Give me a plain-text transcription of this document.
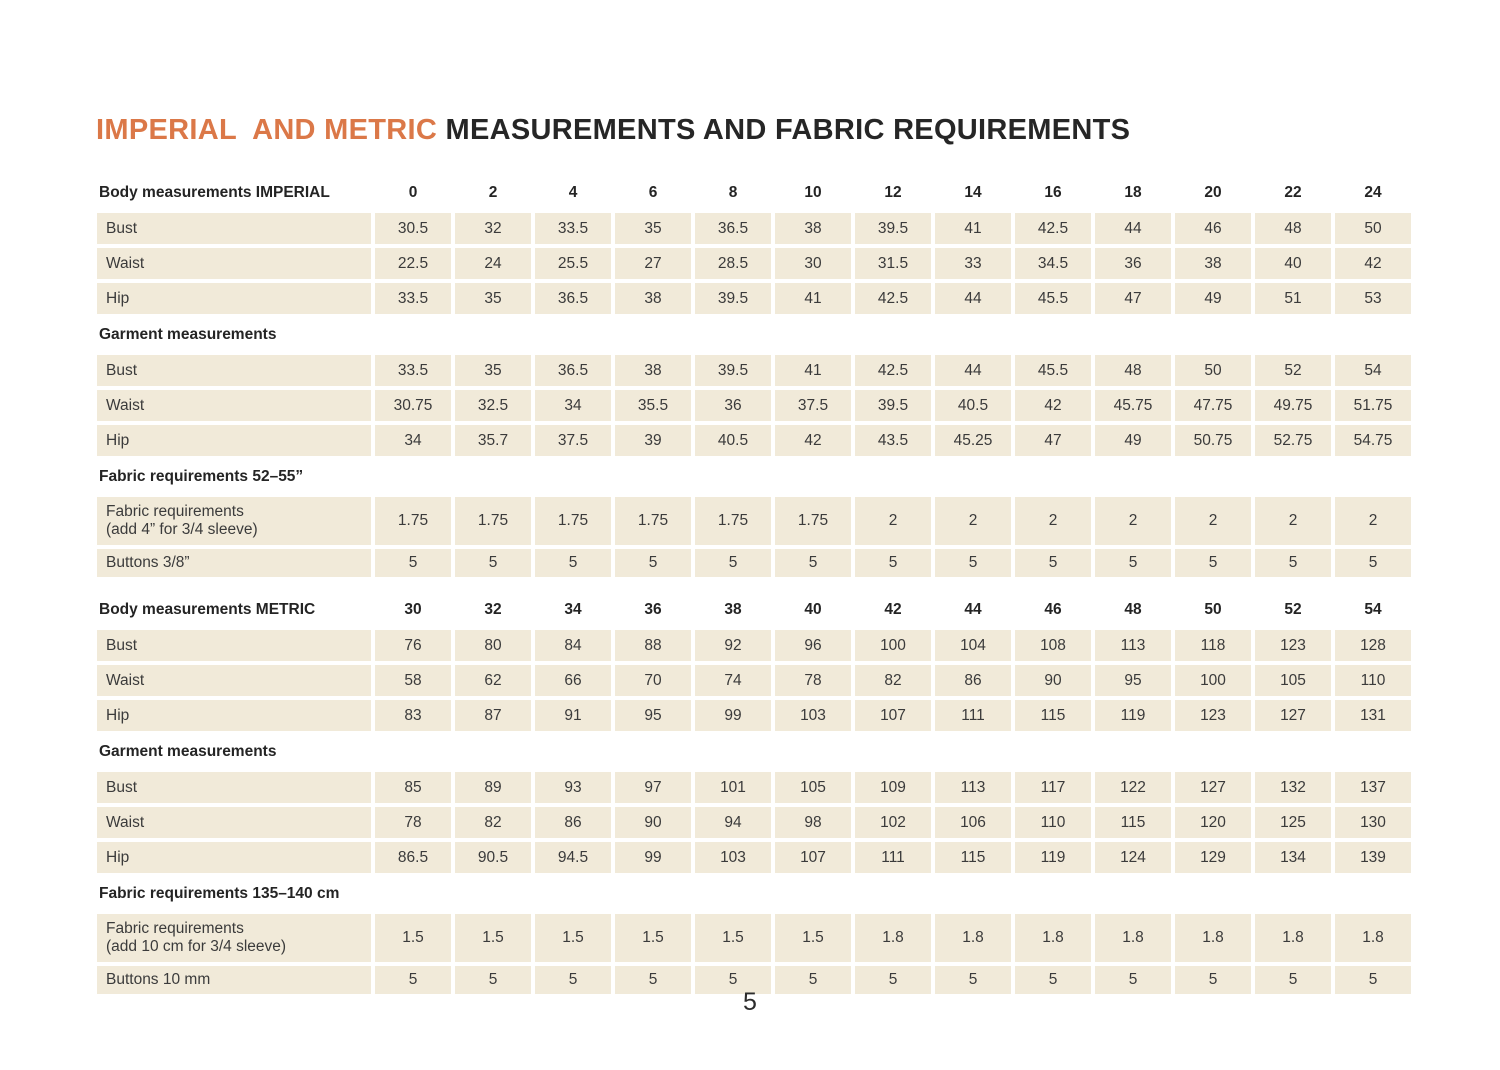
IMPERIAL  AND METRIC MEASUREMENTS AND FABRIC REQUIREMENTS
Body measurements IMPERIAL	0	2	4	6	8	10	12	14	16	18	20	22	24
Bust	30.5	32	33.5	35	36.5	38	39.5	41	42.5	44	46	48	50
Waist	22.5	24	25.5	27	28.5	30	31.5	33	34.5	36	38	40	42
Hip	33.5	35	36.5	38	39.5	41	42.5	44	45.5	47	49	51	53
Garment measurements
Bust	33.5	35	36.5	38	39.5	41	42.5	44	45.5	48	50	52	54
Waist	30.75	32.5	34	35.5	36	37.5	39.5	40.5	42	45.75	47.75	49.75	51.75
Hip	34	35.7	37.5	39	40.5	42	43.5	45.25	47	49	50.75	52.75	54.75
Fabric requirements 52–55”
Fabric requirements
(add 4” for 3/4 sleeve)
1.75	1.75	1.75	1.75	1.75	1.75	2	2	2	2	2	2	2
Buttons 3/8”	5	5	5	5	5	5	5	5	5	5	5	5	5
Body measurements METRIC	30	32	34	36	38	40	42	44	46	48	50	52	54
Bust	76	80	84	88	92	96	100	104	108	113	118	123	128
Waist	58	62	66	70	74	78	82	86	90	95	100	105	110
Hip	83	87	91	95	99	103	107	111	115	119	123	127	131
Garment measurements
Bust	85	89	93	97	101	105	109	113	117	122	127	132	137
Waist	78	82	86	90	94	98	102	106	110	115	120	125	130
Hip	86.5	90.5	94.5	99	103	107	111	115	119	124	129	134	139
Fabric requirements 135–140 cm
Fabric requirements
(add 10 cm for 3/4 sleeve)
1.5	1.5	1.5	1.5	1.5	1.5	1.8	1.8	1.8	1.8	1.8	1.8	1.8
Buttons 10 mm	5	5	5	5	5	5	5	5	5	5	5	5	5
5
